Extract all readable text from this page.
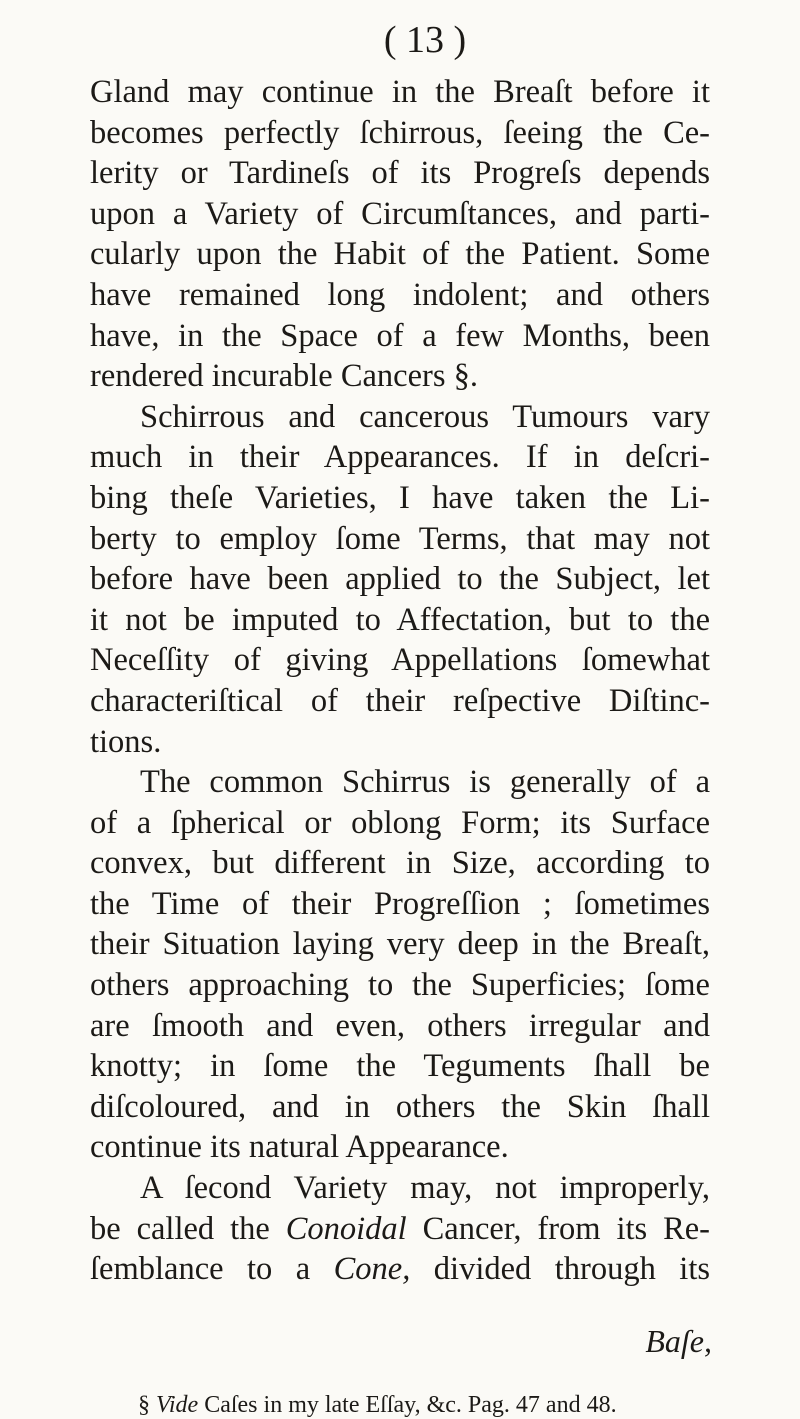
( 13 )
Gland may continue in the Breaſt before it
becomes perfectly ſchirrous, ſeeing the Ce-
lerity or Tardineſs of its Progreſs depends
upon a Variety of Circumſtances, and parti-
cularly upon the Habit of the Patient. Some
have remained long indolent; and others
have, in the Space of a few Months, been
rendered incurable Cancers §.
Schirrous and cancerous Tumours vary
much in their Appearances. If in deſcri-
bing theſe Varieties, I have taken the Li-
berty to employ ſome Terms, that may not
before have been applied to the Subject, let
it not be imputed to Affectation, but to the
Neceſſity of giving Appellations ſomewhat
characteriſtical of their reſpective Diſtinc-
tions.
The common Schirrus is generally of a
of a ſpherical or oblong Form; its Surface
convex, but different in Size, according to
the Time of their Progreſſion ; ſometimes
their Situation laying very deep in the Breaſt,
others approaching to the Superficies; ſome
are ſmooth and even, others irregular and
knotty; in ſome the Teguments ſhall be
diſcoloured, and in others the Skin ſhall
continue its natural Appearance.
A ſecond Variety may, not improperly,
be called the Conoidal Cancer, from its Re-
ſemblance to a Cone, divided through its
Baſe,
§ Vide Caſes in my late Eſſay, &c. Pag. 47 and 48.
